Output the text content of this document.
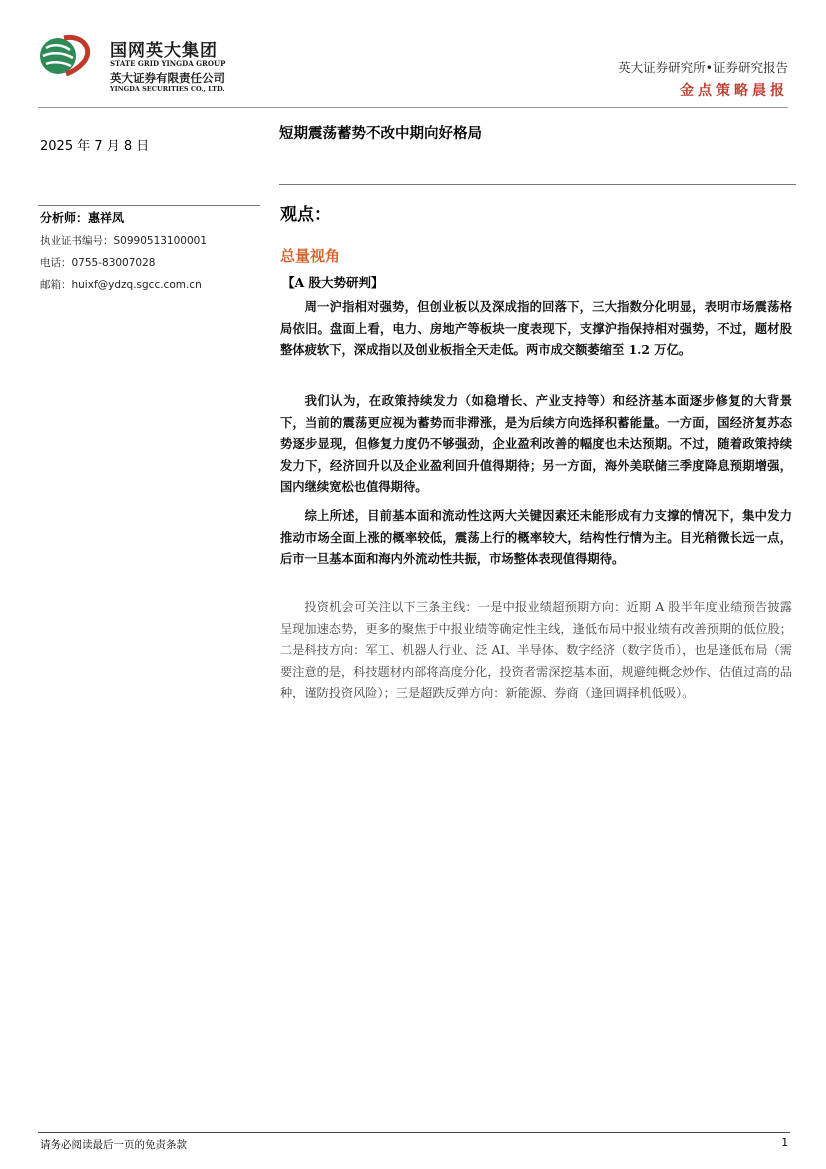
国网英大集团
STATE GRID YINGDA GROUP
英大证券有限责任公司
YINGDA SECURITIES CO., LTD.
英大证券研究所•证券研究报告
金点策略晨报
2025 年 7 月 8 日
分析师：惠祥凤
执业证书编号：S0990513100001
电话：0755-83007028
邮箱：huixf@ydzq.sgcc.com.cn
短期震荡蓄势不改中期向好格局
观点：
总量视角
【A 股大势研判】
周一沪指相对强势，但创业板以及深成指的回落下，三大指数分化明显，表明市场震荡格局依旧。盘面上看，电力、房地产等板块一度表现下，支撑沪指保持相对强势，不过，题材股整体疲软下，深成指以及创业板指全天走低。两市成交额萎缩至 1.2 万亿。
我们认为，在政策持续发力（如稳增长、产业支持等）和经济基本面逐步修复的大背景下，当前的震荡更应视为蓄势而非滞涨，是为后续方向选择积蓄能量。一方面，国经济复苏态势逐步显现，但修复力度仍不够强劲，企业盈利改善的幅度也未达预期。不过，随着政策持续发力下，经济回升以及企业盈利回升值得期待；另一方面，海外美联储三季度降息预期增强，国内继续宽松也值得期待。
综上所述，目前基本面和流动性这两大关键因素还未能形成有力支撑的情况下，集中发力推动市场全面上涨的概率较低，震荡上行的概率较大，结构性行情为主。目光稍微长远一点，后市一旦基本面和海内外流动性共振，市场整体表现值得期待。
投资机会可关注以下三条主线：一是中报业绩超预期方向：近期 A 股半年度业绩预告披露呈现加速态势，更多的聚焦于中报业绩等确定性主线，逢低布局中报业绩有改善预期的低位股；二是科技方向：军工、机器人行业、泛 AI、半导体、数字经济（数字货币），也是逢低布局（需要注意的是，科技题材内部将高度分化，投资者需深挖基本面，规避纯概念炒作、估值过高的品种，谨防投资风险）；三是超跌反弹方向：新能源、券商（逢回调择机低吸）。
请务必阅读最后一页的免责条款	1
